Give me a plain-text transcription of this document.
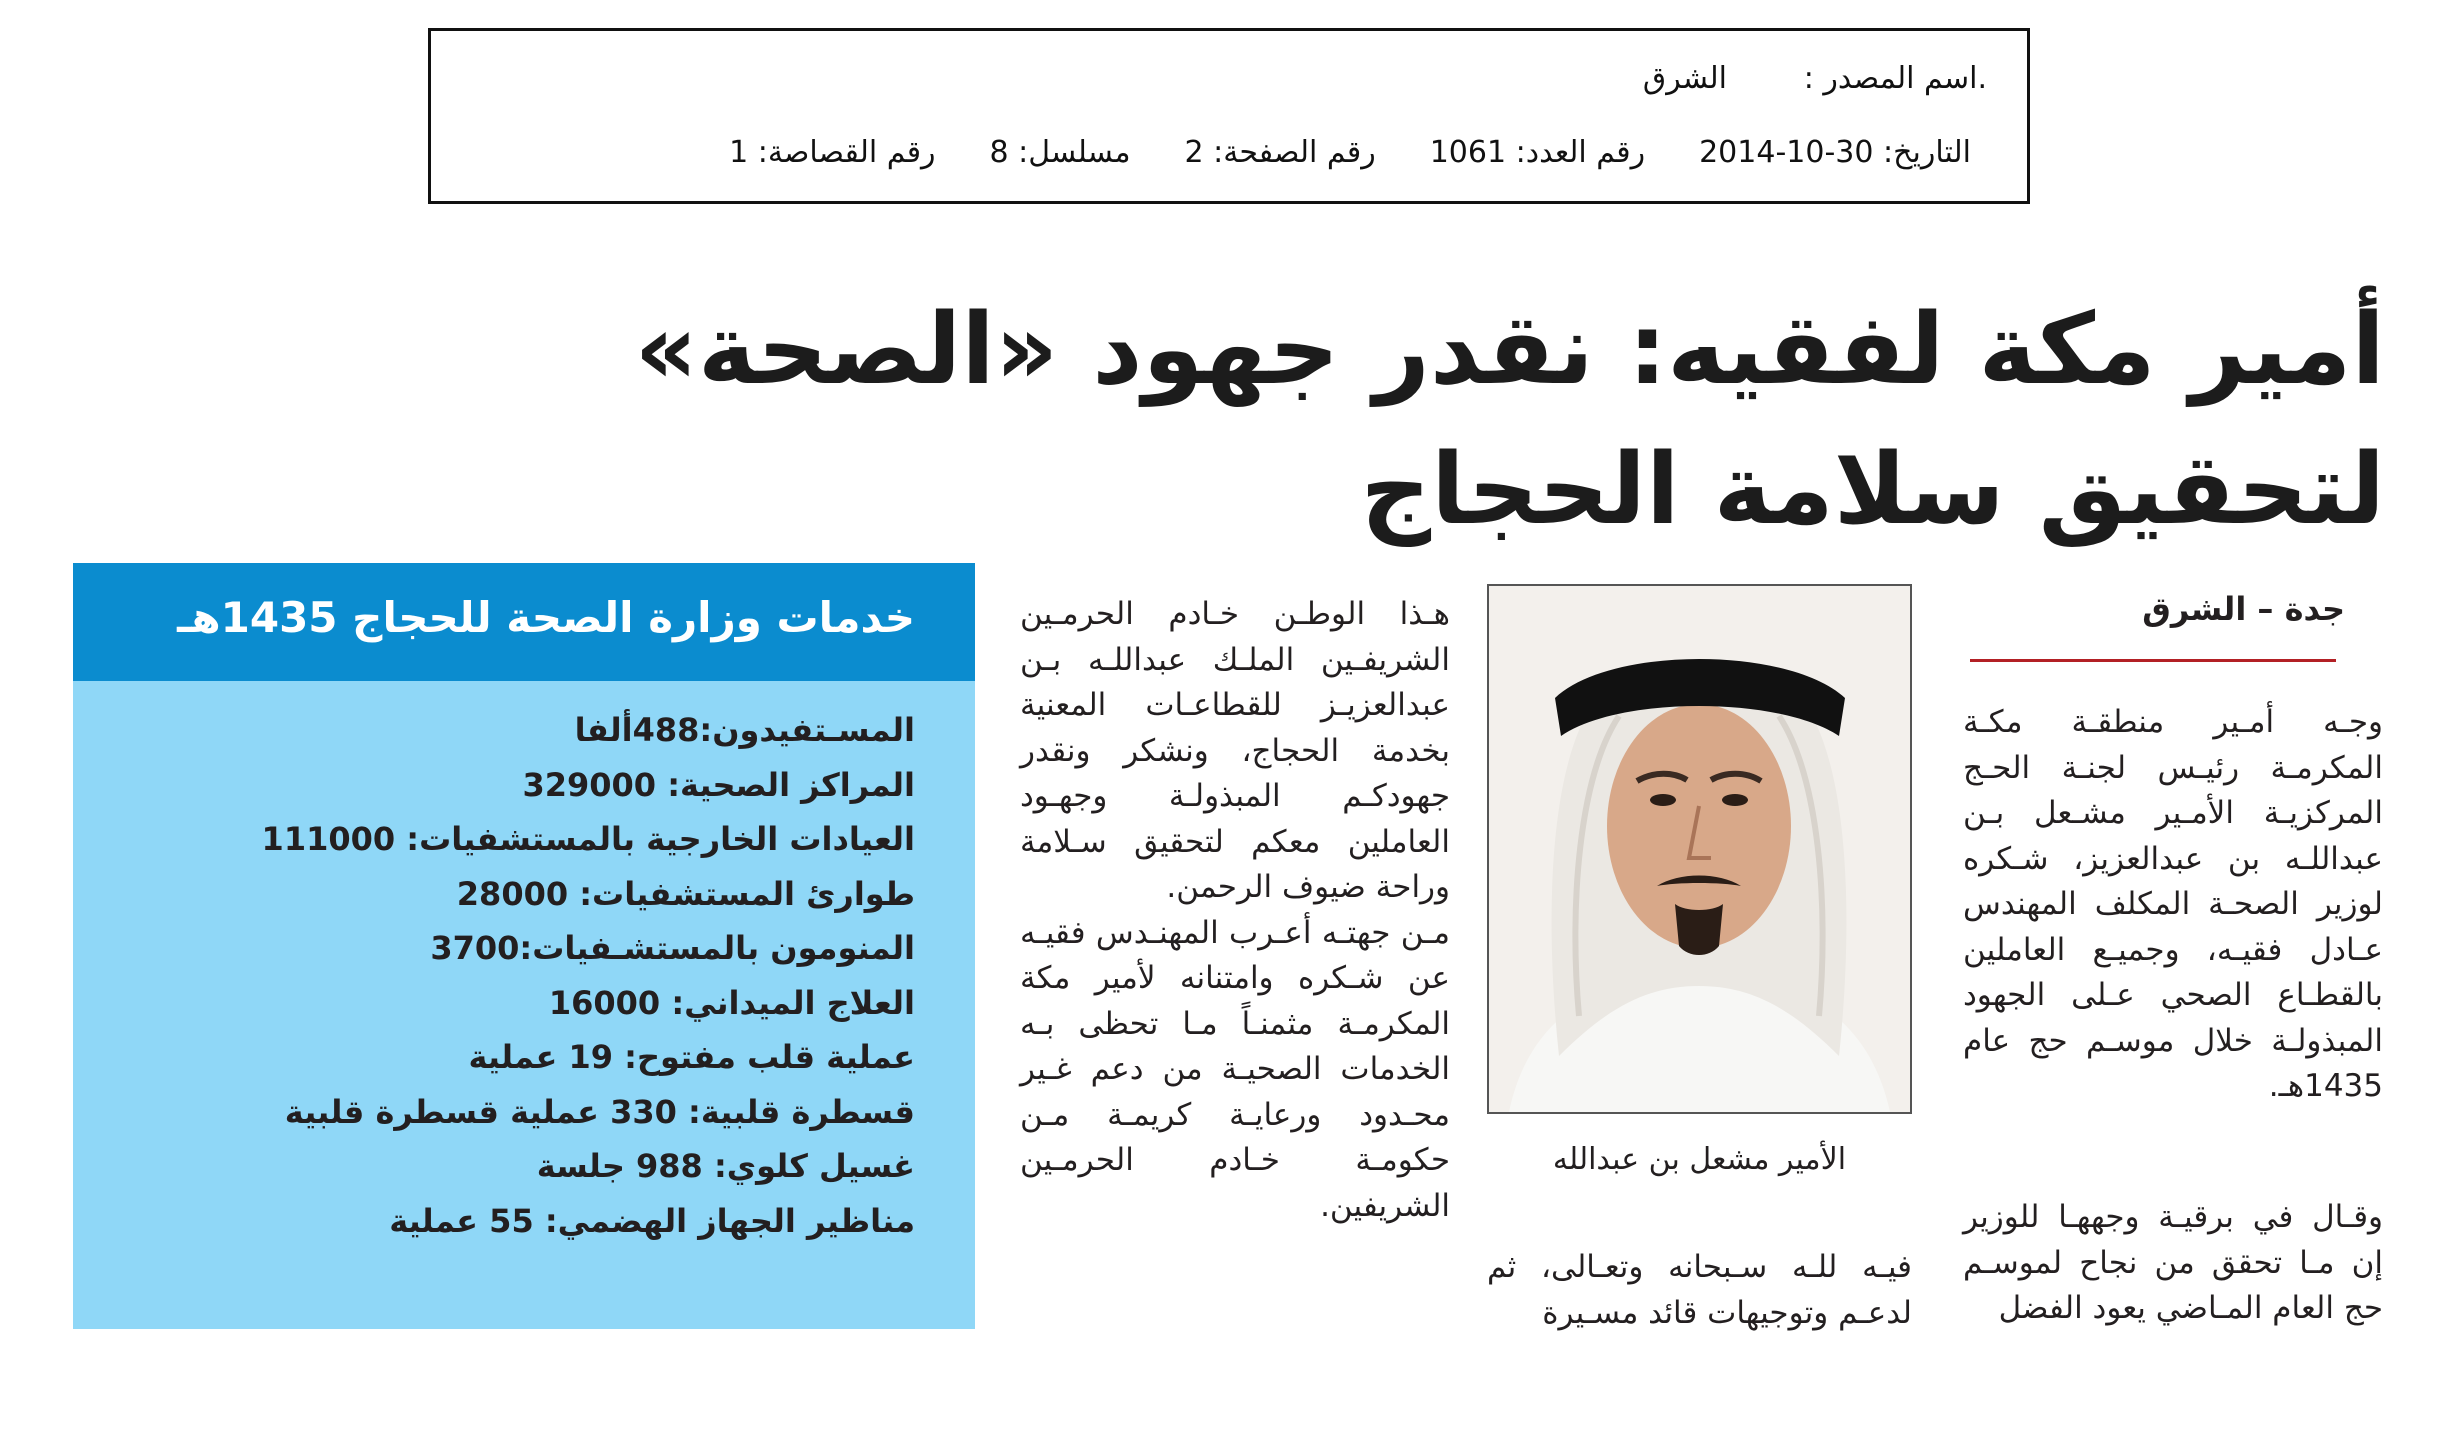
.اسم المصدر :
الشرق
التاريخ: 30-10-2014
رقم العدد: 1061
رقم الصفحة: 2
مسلسل: 8
رقم القصاصة: 1
أمير مكة لفقيه: نقدر جهود «الصحة» لتحقيق سلامة الحجاج
جدة – الشرق
وجـه أمـير منطقـة مكـة المكرمـة رئيـس لجنـة الحـج المركزيـة الأمـير مشـعل بـن عبداللـه بن عبدالعزيز، شـكره لوزير الصحـة المكلف المهندس عـادل فقيـه، وجميـع العاملين بالقطـاع الصحي عـلى الجهود المبذولـة خلال موسـم حج عام 1435هـ.
وقـال في برقيـة وجههـا للوزير إن مـا تحقق من نجاح لموسـم حج العام المـاضي يعود الفضل
الأمير مشعل بن عبدالله
فيـه للـه سـبحانه وتعـالى، ثم لدعـم وتوجيهات قائد مسـيرة
هـذا الوطـن خـادم الحرمـين الشريفـين الملـك عبداللـه بـن عبدالعزيـز للقطاعـات المعنية بخدمة الحجاج، ونشكر ونقدر جهودكـم المبذولـة وجهـود العاملين معكم لتحقيق سـلامة وراحة ضيوف الرحمن.
مـن جهتـه أعـرب المهنـدس فقيـه عن شـكره وامتنانه لأمير مكة المكرمـة مثمنـاً مـا تحظى بـه الخدمات الصحيـة من دعم غـير محـدود ورعايـة كريمـة مـن حكومـة خـادم الحرمـين الشريفين.
خدمات وزارة الصحة للحجاج 1435هـ
المسـتفيدون:488ألفا
المراكز الصحية: 329000
العيادات الخارجية بالمستشفيات: 111000
طوارئ المستشفيات: 28000
المنومون بالمستشـفيات:3700
العلاج الميداني: 16000
عملية قلب مفتوح: 19 عملية
قسطرة قلبية: 330 عملية قسطرة قلبية
غسيل كلوي: 988 جلسة
مناظير الجهاز الهضمي: 55 عملية
